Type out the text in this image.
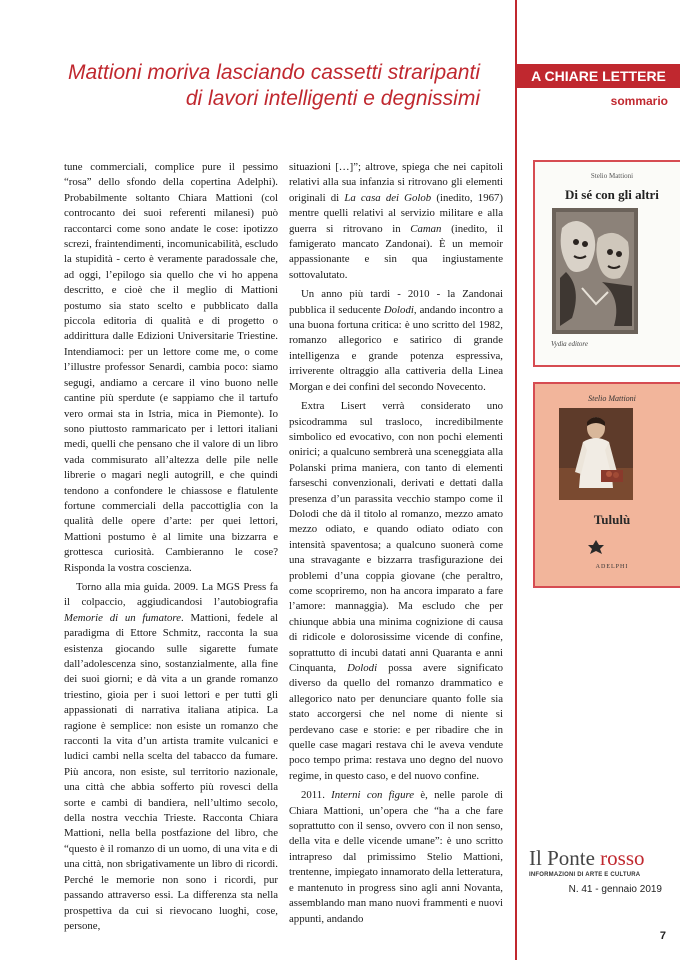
Mattioni moriva lasciando cassetti straripanti
di lavori intelligenti e degnissimi
A CHIARE LETTERE
sommario

tune commerciali, complice pure il pessimo “rosa” dello sfondo della copertina Adelphi). Probabilmente soltanto Chiara Mattioni (col controcanto dei suoi referenti milanesi) può raccontarci come sono andate le cose: ipotizzo screzi, fraintendimenti, incomunicabilità, escludo la stupidità - certo è veramente paradossale che, ad oggi, l’epilogo sia quello che vi ho appena descritto, e cioè che il meglio di Mattioni postumo sia stato scelto e pubblicato dalla piccola editoria di qualità e di progetto o addirittura dalle Edizioni Universitarie Triestine. Intendiamoci: per un lettore come me, o come l’illustre professor Senardi, cambia poco: siamo segugi, andiamo a cercare il vino buono nelle cantine più sperdute (e sappiamo che il tartufo vero ormai sta in Istria, mica in Piemonte). Io sono piuttosto rammaricato per i lettori italiani medi, quelli che pensano che il valore di un libro vada commisurato all’altezza delle pile nelle librerie o magari negli autogrill, e che quindi tendono a confondere le chiassose e flatulente fortune commerciali della paccottiglia con la qualità delle opere d’arte: per quei lettori, Mattioni postumo è al limite una bizzarra e grottesca curiosità. Cambieranno le cose? Risponda la vostra coscienza.

Torno alla mia guida. 2009. La MGS Press fa il colpaccio, aggiudicandosi l’autobiografia Memorie di un fumatore. Mattioni, fedele al paradigma di Ettore Schmitz, racconta la sua esistenza giocando sulle sigarette fumate dall’adolescenza sino, sostanzialmente, alla fine dei suoi giorni; e dà vita a un grande romanzo triestino, gioia per i suoi lettori e per tutti gli appassionati di narrativa italiana atipica. La ragione è semplice: non esiste un romanzo che racconti la vita d’un artista tramite vulcanici e ludici cambi nella scelta del tabacco da fumare. Più ancora, non esiste, sul territorio nazionale, una città che abbia sofferto più rovesci della sorte e cambi di bandiera, nell’ultimo secolo, della nostra vecchia Trieste. Racconta Chiara Mattioni, nella bella postfazione del libro, che “questo è il romanzo di un uomo, di una vita e di una città, non sbrigativamente un libro di ricordi. Perché le memorie non sono i ricordi, pur passando attraverso essi. La differenza sta nella prospettiva da cui si rievocano luoghi, cose, persone,

situazioni […]”; altrove, spiega che nei capitoli relativi alla sua infanzia si ritrovano gli elementi originali di La casa dei Golob (inedito, 1967) mentre quelli relativi al servizio militare e alla guerra si ritrovano in Caman (inedito, il famigerato mancato Zandonai). È un memoir appassionante e sin qua ingiustamente sottovalutato.

Un anno più tardi - 2010 - la Zandonai pubblica il seducente Dolodi, andando incontro a una buona fortuna critica: è uno scritto del 1982, romanzo allegorico e satirico di grande intelligenza e grande potenza espressiva, irriverente oltraggio alla cattiveria della Linea Morgan e dei confini del secondo Novecento.

Extra Lisert verrà considerato uno psicodramma sul trasloco, incredibilmente simbolico ed evocativo, con non pochi elementi onirici; a qualcuno sembrerà una sceneggiata alla Polanski prima maniera, con tanto di elementi farseschi convenzionali, derivati e dettati dalla presenza d’un parassita vecchio stampo come il Dolodi che dà il titolo al romanzo, mezzo amato mezzo odiato, e quando odiato odiato con intensità spaventosa; a qualcuno suonerà come una stravagante e bizzarra trasfigurazione dei problemi d’una coppia giovane (che peraltro, come scopriremo, non ha ancora imparato a fare l’amore: mannaggia). Ma escludo che per chiunque abbia una minima cognizione di causa di ridicole e dolorosissime vicende di confine, soprattutto di incubi datati anni Quaranta e anni Cinquanta, Dolodi possa avere significato diverso da quello del romanzo drammatico e allegorico nato per denunciare quanto folle sia stato accorgersi che nel nome di niente si perdevano case e storie: e per ribadire che in quelle case magari restava chi le aveva vendute poco tempo prima: restava uno degno del nuovo regime, in questo caso, e del nuovo confine.

2011. Interni con figure è, nelle parole di Chiara Mattioni, un’opera che “ha a che fare soprattutto con il senso, ovvero con il non senso, della vita e delle vicende umane”: è uno scritto intrapreso dal primissimo Stelio Mattioni, trentenne, impiegato innamorato della letteratura, e mantenuto in progress sino agli anni Novanta, assemblando man mano nuovi frammenti e nuovi appunti, andando

Stelio Mattioni
Di sé con gli altri
Vydia editore
Stelio Mattioni
Tululù
ADELPHI
Il Ponte rosso
INFORMAZIONI DI ARTE E CULTURA
N. 41 - gennaio 2019
7
